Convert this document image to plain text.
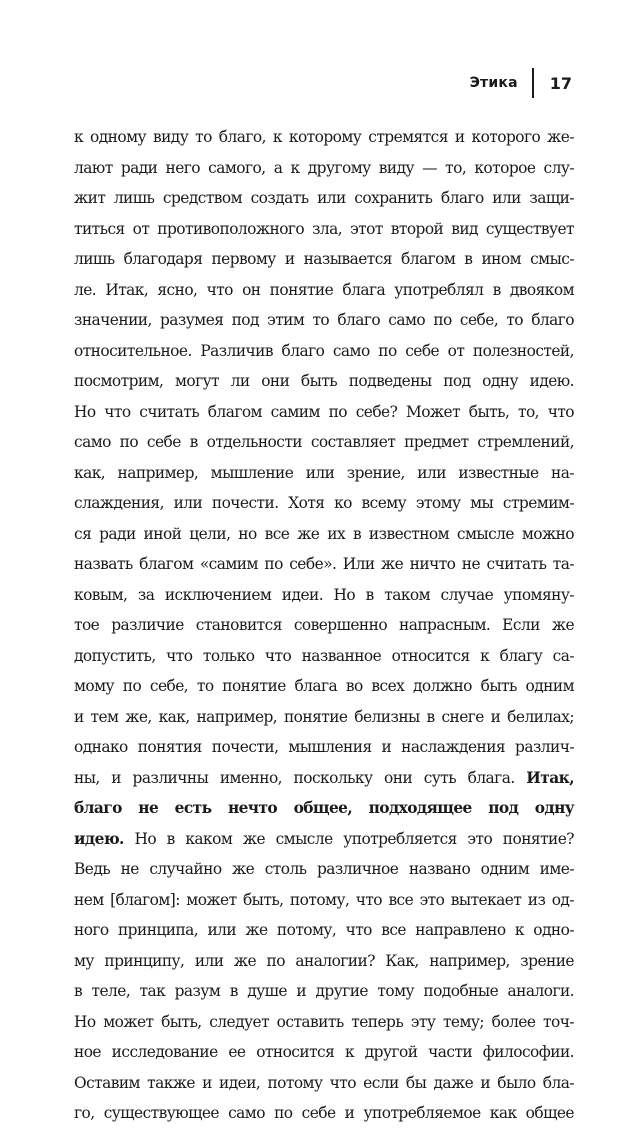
Этика 17
к одному виду то благо, к которому стремятся и которого же-
лают ради него самого, а к другому виду — то, которое слу-
жит лишь средством создать или сохранить благо или защи-
титься от противоположного зла, этот второй вид существует
лишь благодаря первому и называется благом в ином смыс-
ле. Итак, ясно, что он понятие блага употреблял в двояком
значении, разумея под этим то благо само по себе, то благо
относительное. Различив благо само по себе от полезностей,
посмотрим, могут ли они быть подведены под одну идею.
Но что считать благом самим по себе? Может быть, то, что
само по себе в отдельности составляет предмет стремлений,
как, например, мышление или зрение, или известные на-
слаждения, или почести. Хотя ко всему этому мы стремим-
ся ради иной цели, но все же их в известном смысле можно
назвать благом «самим по себе». Или же ничто не считать та-
ковым, за исключением идеи. Но в таком случае упомяну-
тое различие становится совершенно напрасным. Если же
допустить, что только что названное относится к благу са-
мому по себе, то понятие блага во всех должно быть одним
и тем же, как, например, понятие белизны в снеге и белилах;
однако понятия почести, мышления и наслаждения различ-
ны, и различны именно, поскольку они суть блага. Итак,
благо не есть нечто общее, подходящее под одну
идею. Но в каком же смысле употребляется это понятие?
Ведь не случайно же столь различное названо одним име-
нем [благом]: может быть, потому, что все это вытекает из од-
ного принципа, или же потому, что все направлено к одно-
му принципу, или же по аналогии? Как, например, зрение
в теле, так разум в душе и другие тому подобные аналоги.
Но может быть, следует оставить теперь эту тему; более точ-
ное исследование ее относится к другой части философии.
Оставим также и идеи, потому что если бы даже и было бла-
го, существующее само по себе и употребляемое как общее
